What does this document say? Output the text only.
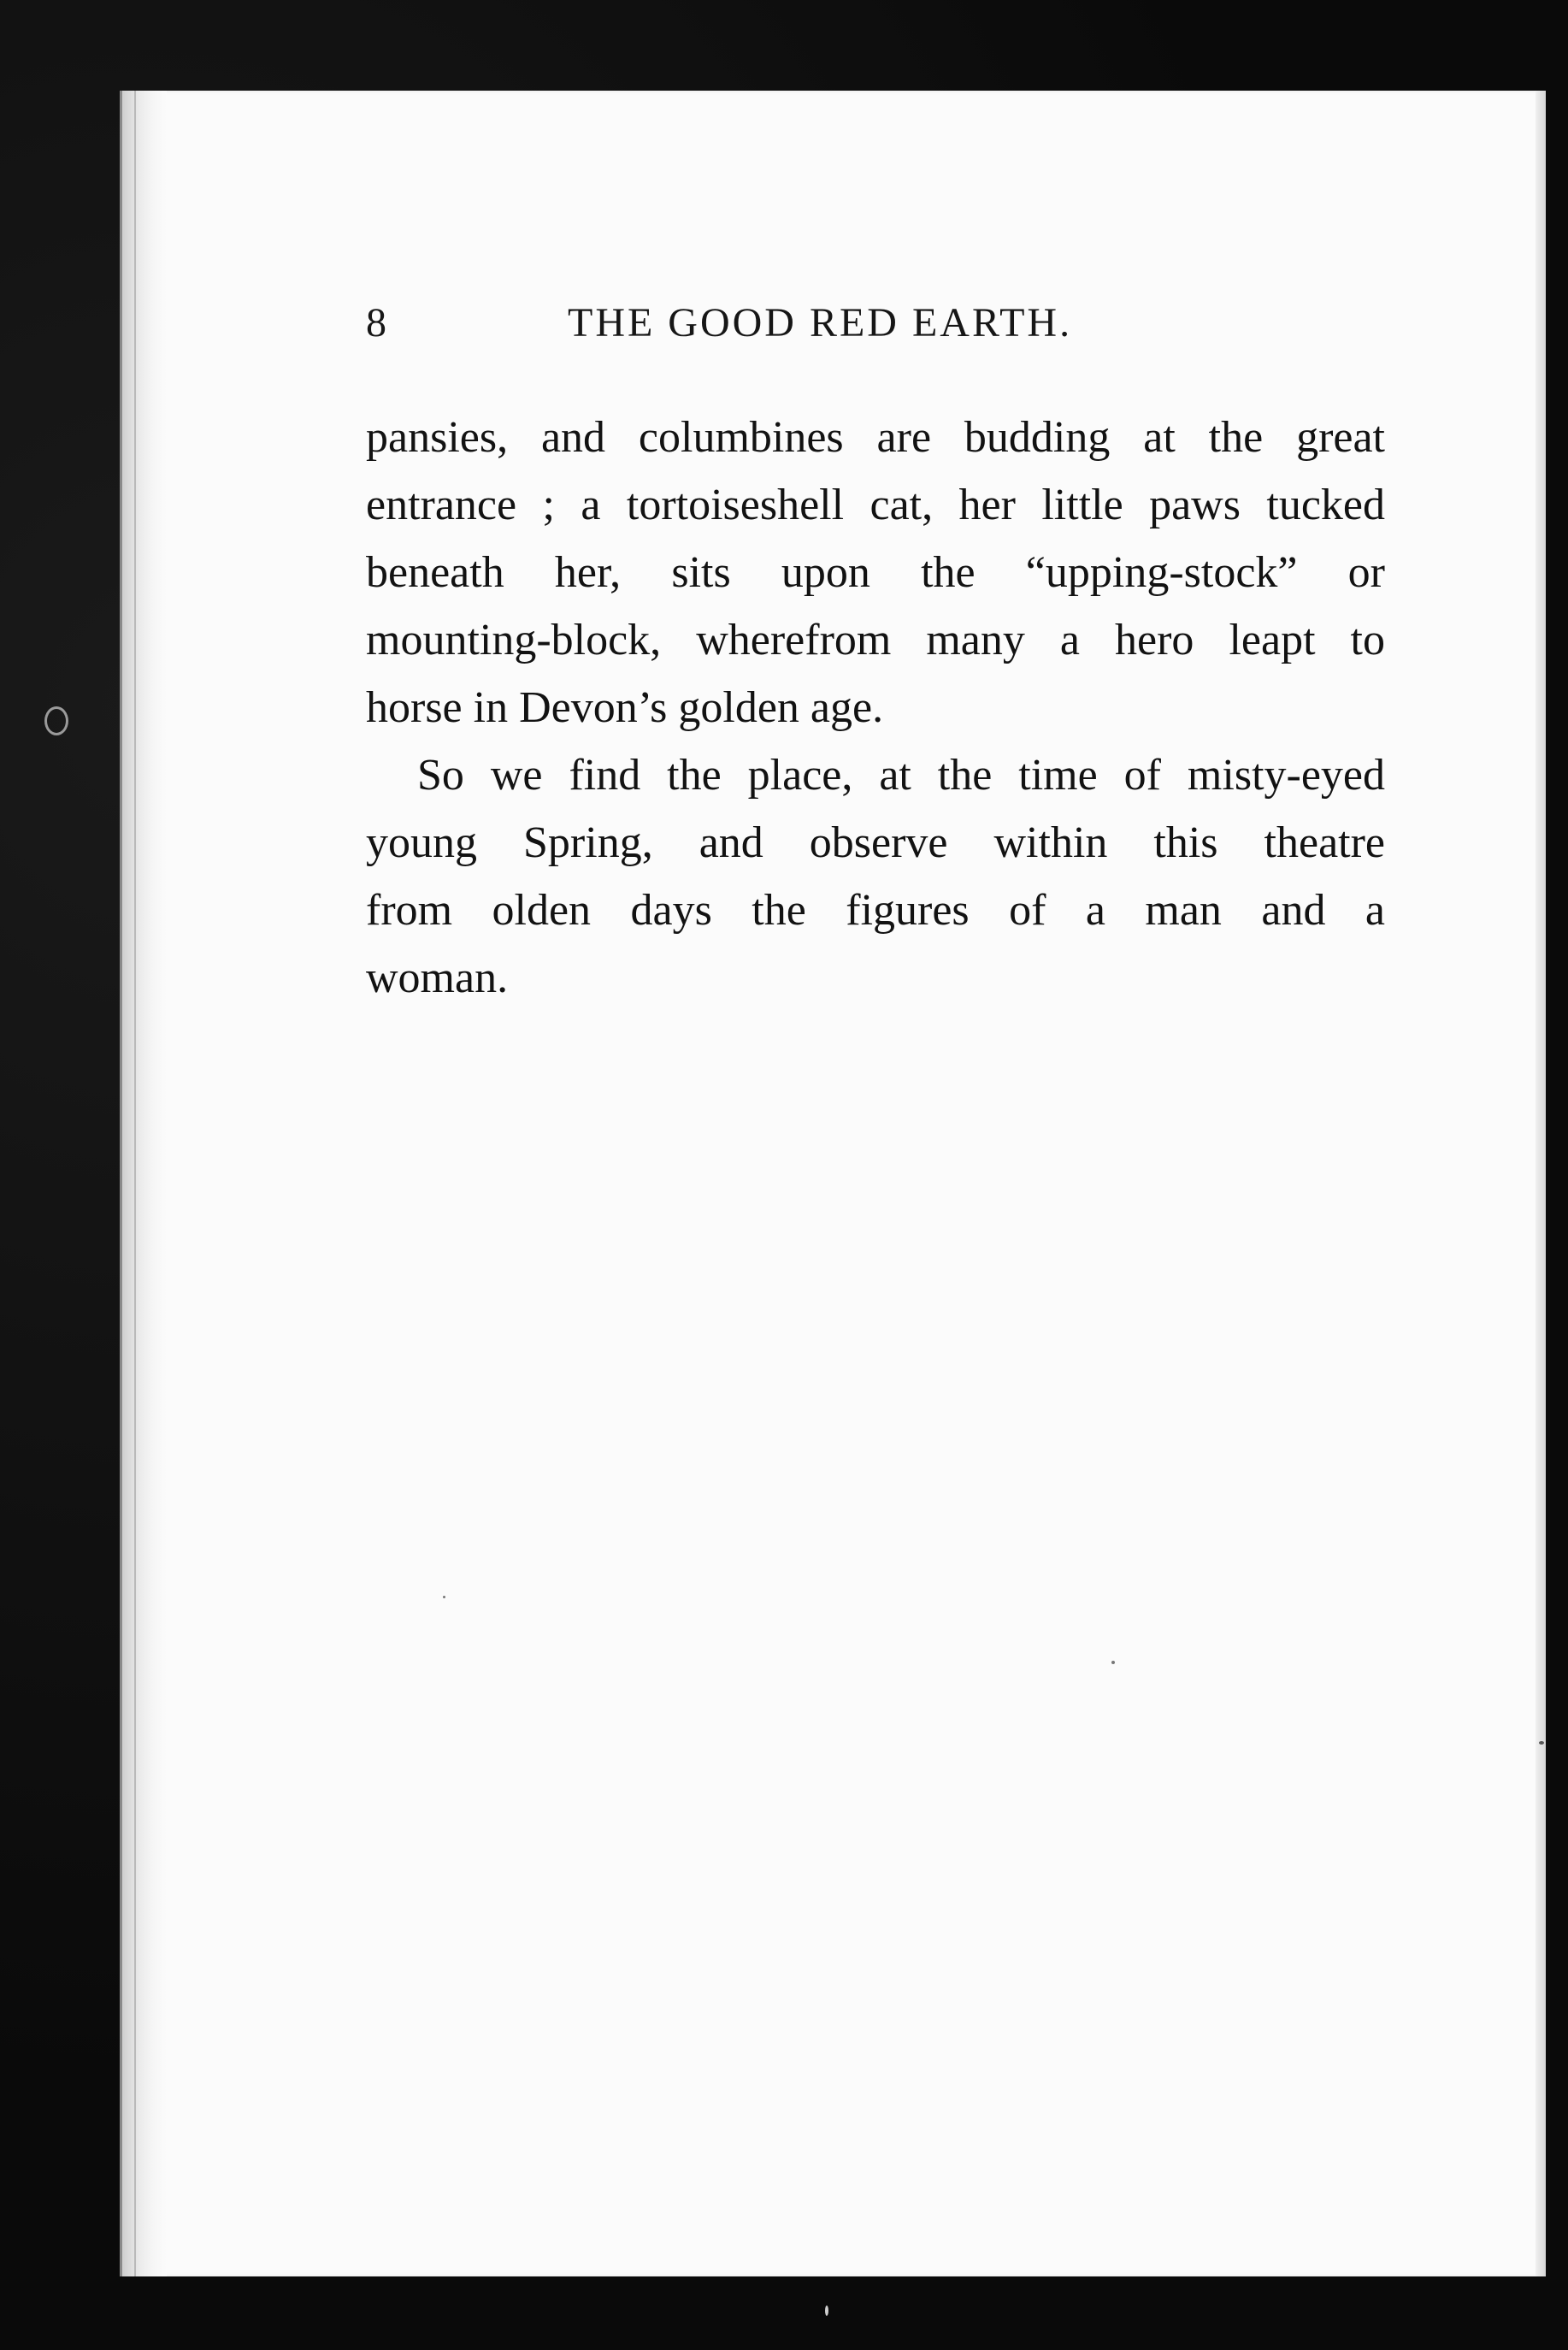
8	THE GOOD RED EARTH.
pansies, and columbines are budding at the great
entrance ; a tortoiseshell cat, her little paws tucked
beneath her, sits upon the “upping-stock” or
mounting-block, wherefrom many a hero leapt to
horse in Devon’s golden age.
So we find the place, at the time of misty-eyed
young Spring, and observe within this theatre
from olden days the figures of a man and a
woman.
